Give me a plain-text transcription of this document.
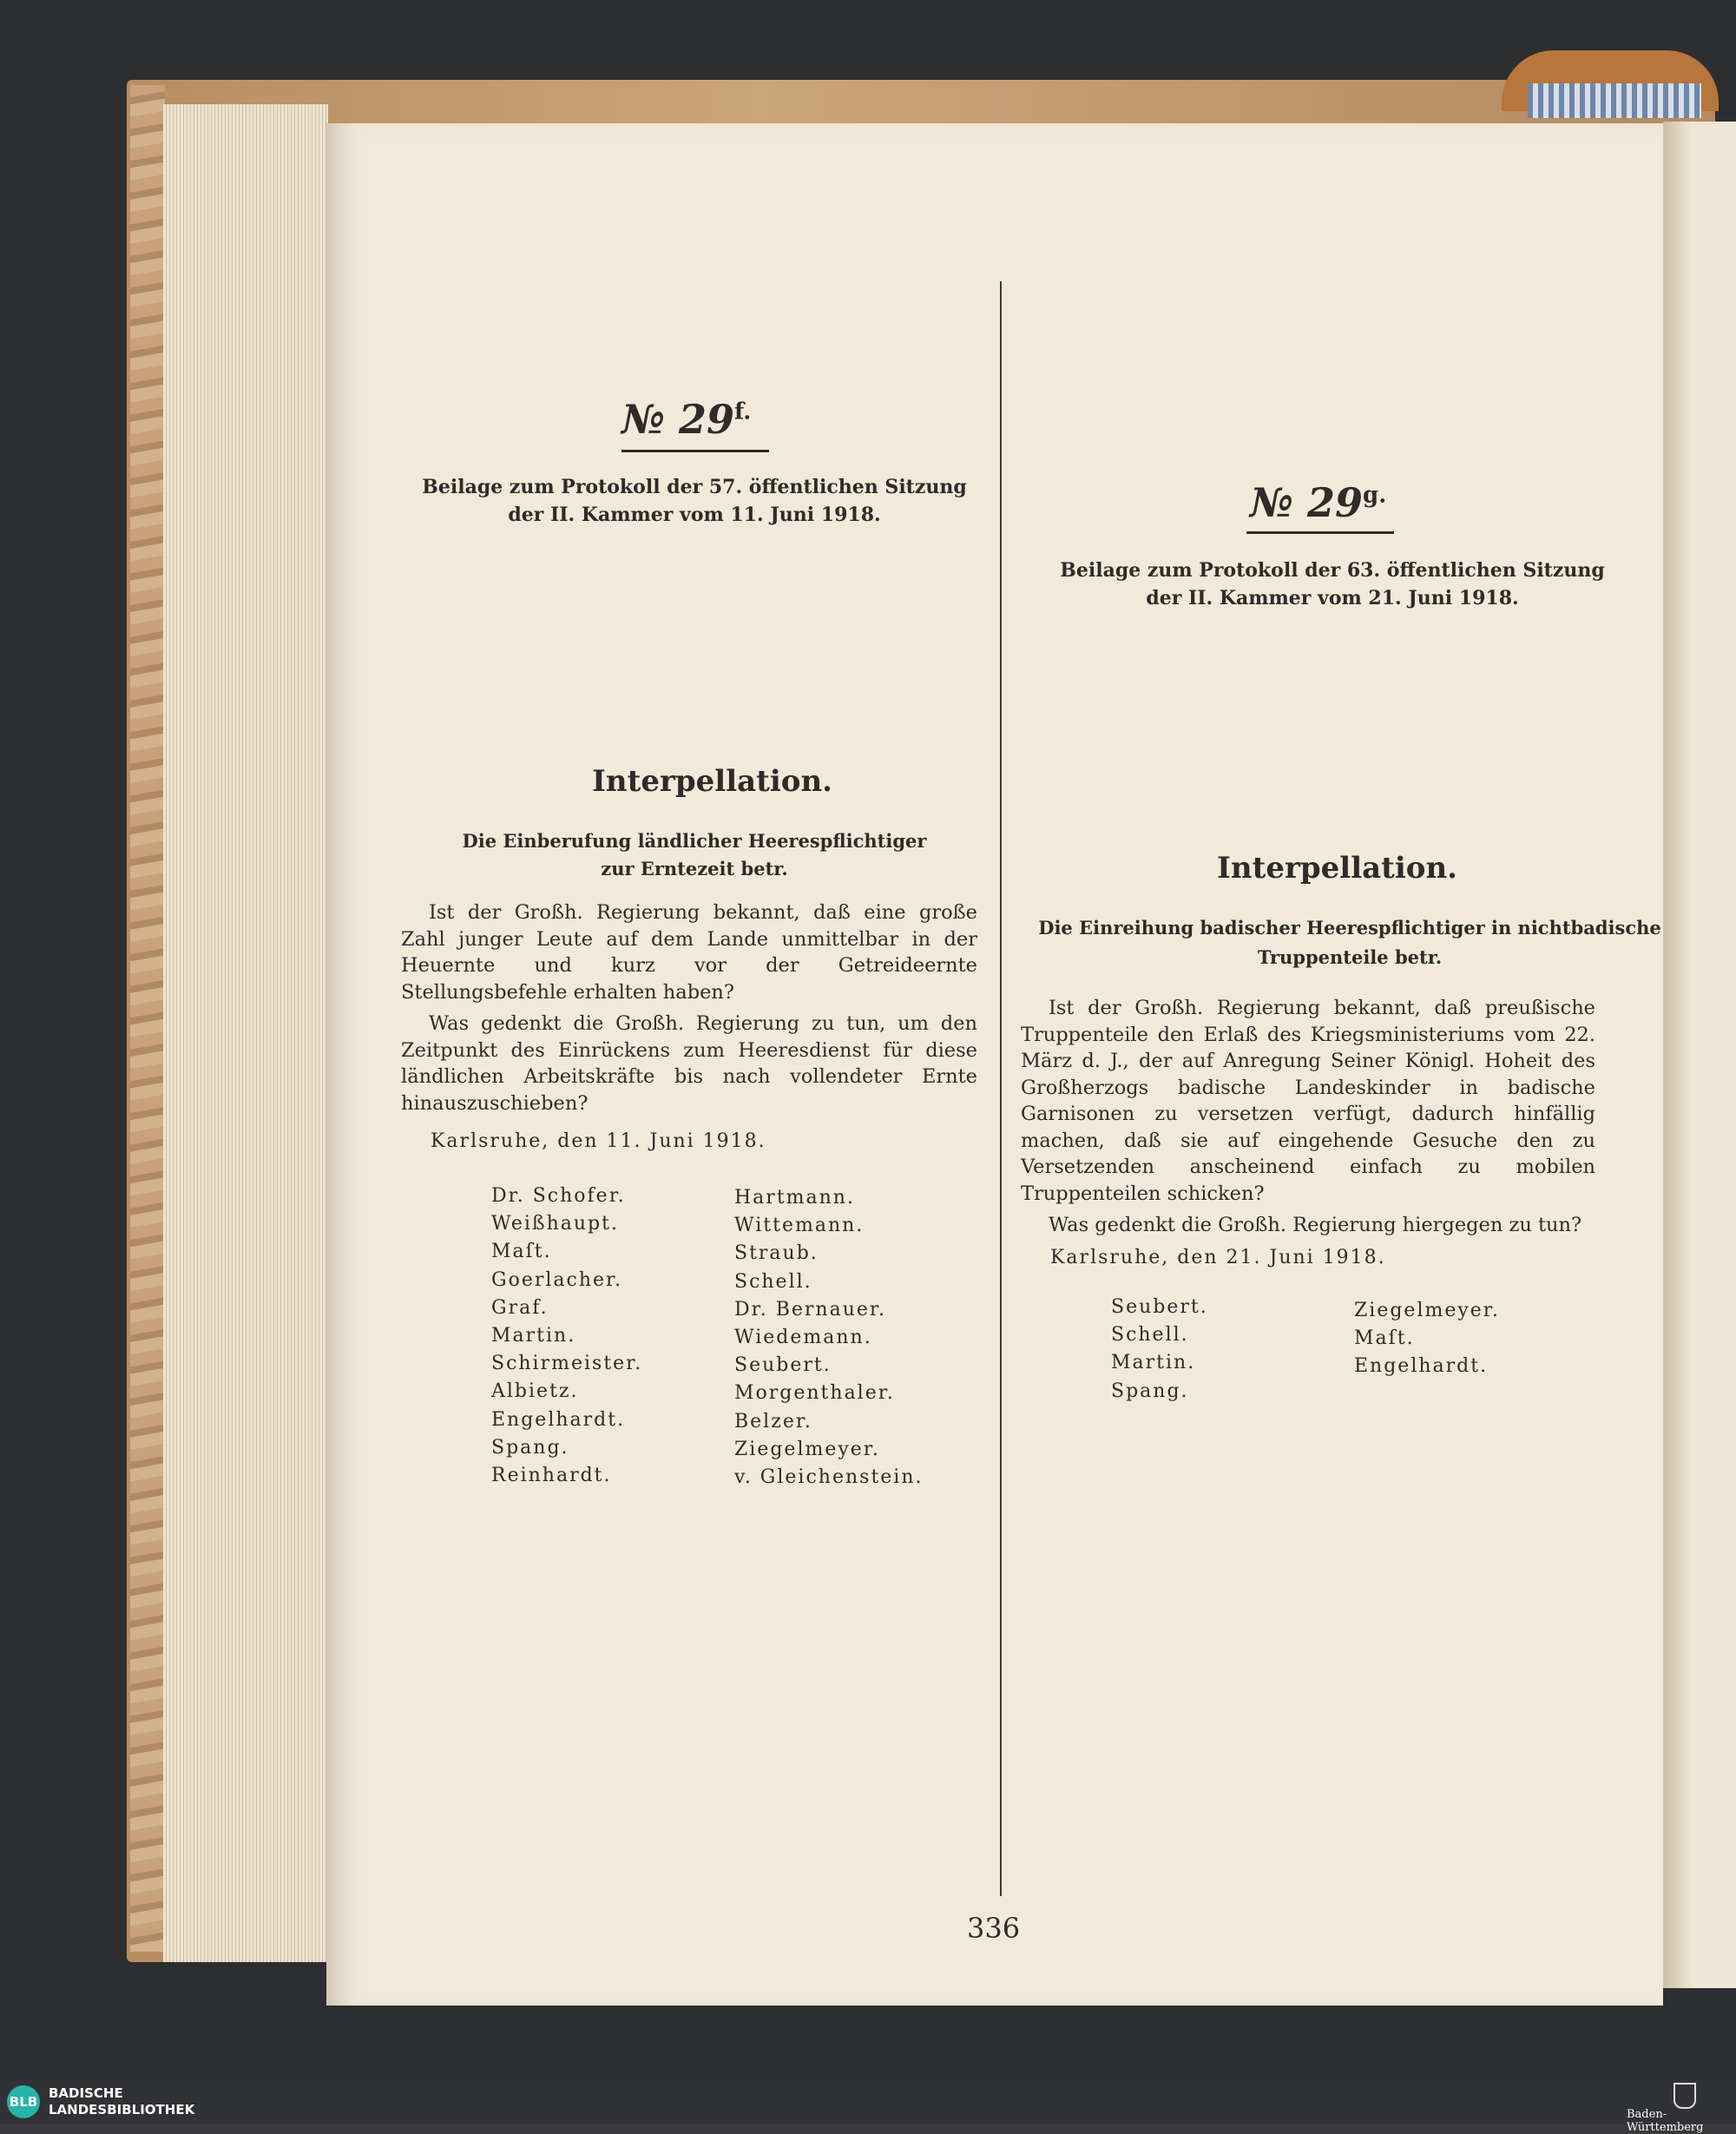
№ $29^{f.}$
Beilage zum Protokoll der 57. öffentlichen Sitzung
der II. Kammer vom 11. Juni 1918.
Interpellation.
Die Einberufung ländlicher Heerespflichtiger
zur Erntezeit betr.

Ist der Großh. Regierung bekannt, daß eine große Zahl junger Leute auf dem Lande unmittelbar in der Heuernte und kurz vor der Getreideernte Stellungsbefehle erhalten haben?

Was gedenkt die Großh. Regierung zu tun, um den Zeitpunkt des Einrückens zum Heeresdienst für diese ländlichen Arbeitskräfte bis nach vollendeter Ernte hinauszuschieben?

Karlsruhe, den 11. Juni 1918.
Dr. Schofer.
Weißhaupt.
Maſt.
Goerlacher.
Graf.
Martin.
Schirmeister.
Albietz.
Engelhardt.
Spang.
Reinhardt.
Hartmann.
Wittemann.
Straub.
Schell.
Dr. Bernauer.
Wiedemann.
Seubert.
Morgenthaler.
Belzer.
Ziegelmeyer.
v. Gleichenstein.
№ $29^{g.}$
Beilage zum Protokoll der 63. öffentlichen Sitzung
der II. Kammer vom 21. Juni 1918.
Interpellation.
Die Einreihung badischer Heerespflichtiger in nichtbadische
Truppenteile betr.

Ist der Großh. Regierung bekannt, daß preußische Truppenteile den Erlaß des Kriegsministeriums vom 22. März d. J., der auf Anregung Seiner Königl. Hoheit des Großherzogs badische Landeskinder in badische Garnisonen zu versetzen verfügt, dadurch hinfällig machen, daß sie auf eingehende Gesuche den zu Versetzenden anscheinend einfach zu mobilen Truppenteilen schicken?

Was gedenkt die Großh. Regierung hiergegen zu tun?

Karlsruhe, den 21. Juni 1918.
Seubert.
Schell.
Martin.
Spang.
Ziegelmeyer.
Maſt.
Engelhardt.
336
BLB
BADISCHE
LANDESBIBLIOTHEK	Baden-Württemberg
